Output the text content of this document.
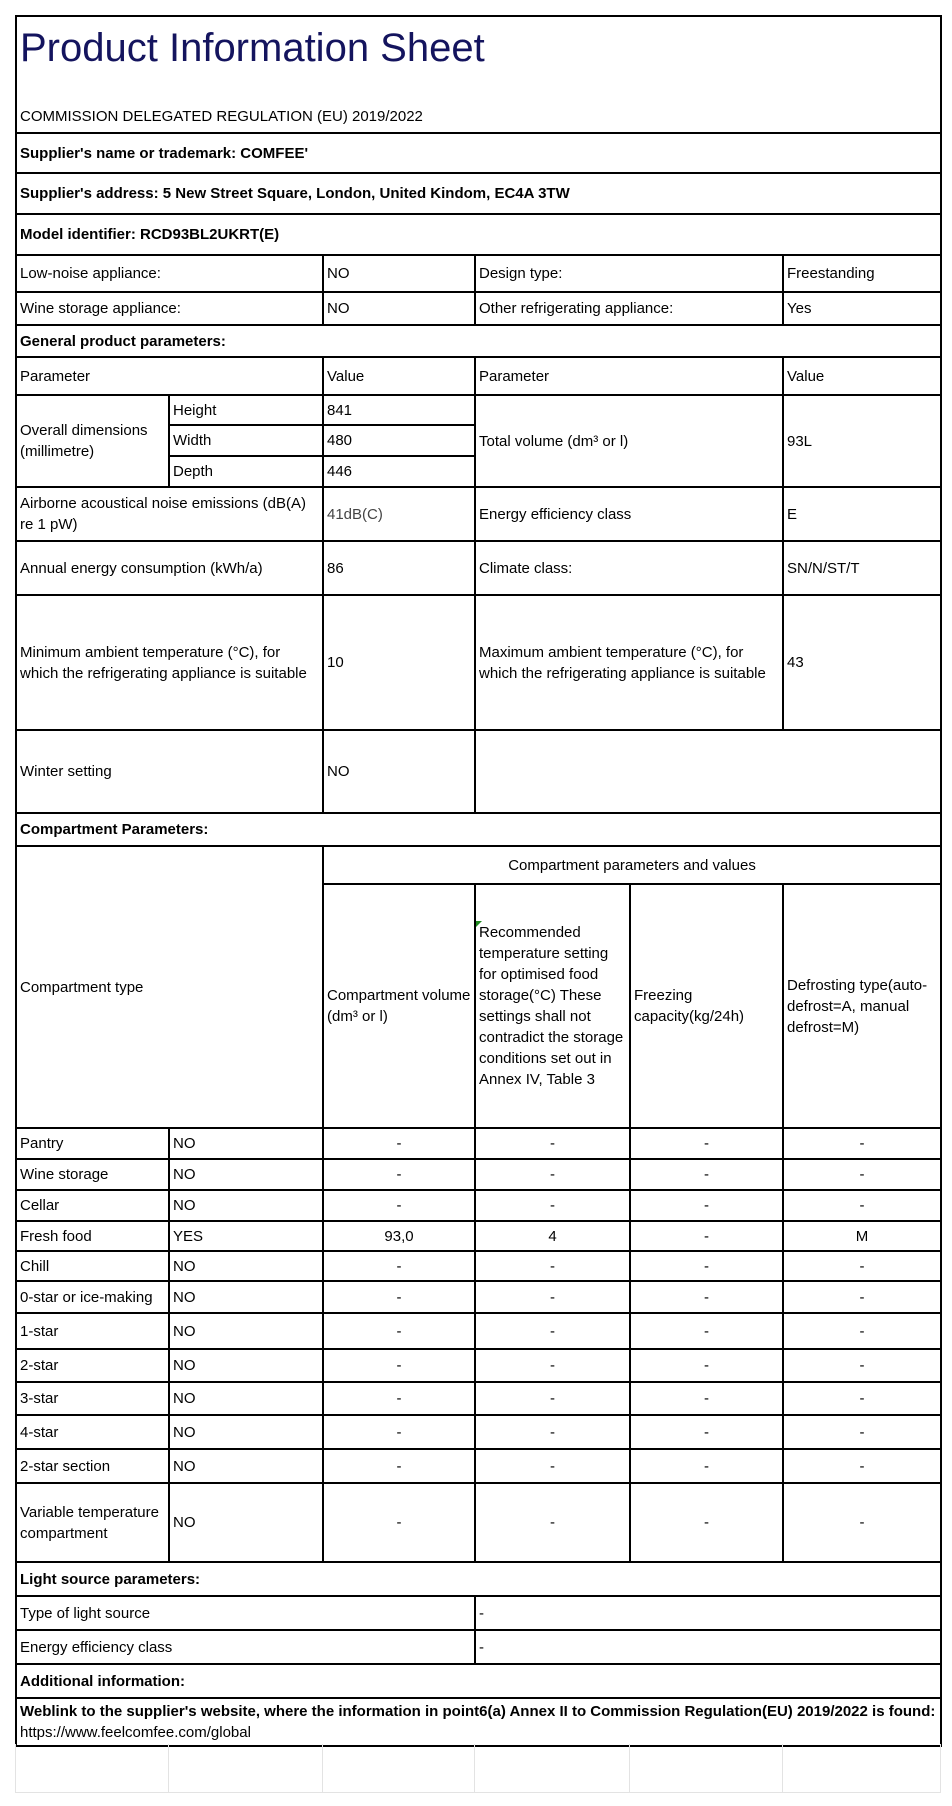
Product Information Sheet
COMMISSION DELEGATED REGULATION (EU) 2019/2022					

Supplier's name or trademark: COMFEE'					
Supplier's address: 5 New Street Square, London, United Kindom, EC4A 3TW					
Model identifier: RCD93BL2UKRT(E)					
Low-noise appliance:		NO	Design type:		Freestanding
Wine storage appliance:		NO	Other refrigerating appliance:		Yes
General product parameters:					
Parameter		Value	Parameter		Value
Overall dimensions (millimetre)	Height	841	Total volume (dm³ or l)		93L
	Width	480			
	Depth	446			
Airborne acoustical noise emissions (dB(A) re 1 pW)		41dB(C)	Energy efficiency class		E
Annual energy consumption (kWh/a)		86	Climate class:		SN/N/ST/T
Minimum ambient temperature (°C), for which the refrigerating appliance is suitable		10	Maximum ambient temperature (°C), for which the refrigerating appliance is suitable		43
Winter setting		NO			
Compartment Parameters:					
Compartment type		Compartment parameters and values			
		Compartment volume (dm³ or l)	Recommended temperature setting for optimised food storage(°C) These settings shall not contradict the storage conditions set out in Annex IV, Table 3	Freezing capacity(kg/24h)	Defrosting type(auto-defrost=A, manual defrost=M)
Pantry	NO	-	-	-	-
Wine storage	NO	-	-	-	-
Cellar	NO	-	-	-	-
Fresh food	YES	93,0	4	-	M
Chill	NO	-	-	-	-
0-star or ice-making	NO	-	-	-	-
1-star	NO	-	-	-	-
2-star	NO	-	-	-	-
3-star	NO	-	-	-	-
4-star	NO	-	-	-	-
2-star section	NO	-	-	-	-
Variable temperature compartment	NO	-	-	-	-
Light source parameters:					
Type of light source			-		
Energy efficiency class			-		
Additional information:					
Weblink to the supplier's website, where the information in point6(a) Annex II to Commission Regulation(EU) 2019/2022 is found: https://www.feelcomfee.com/global					
